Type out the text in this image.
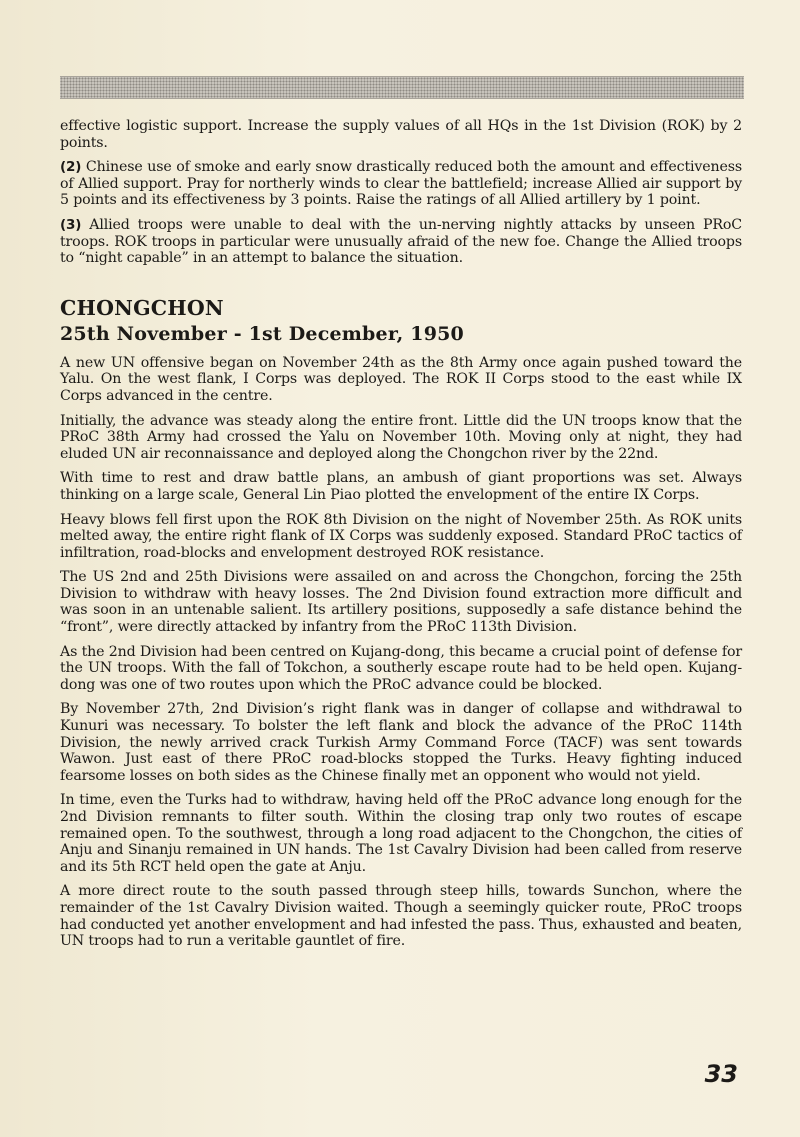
effective logistic support. Increase the supply values of all HQs in the 1st Division (ROK) by 2 points.

(2) Chinese use of smoke and early snow drastically reduced both the amount and effectiveness of Allied support. Pray for northerly winds to clear the battlefield; increase Allied air support by 5 points and its effectiveness by 3 points. Raise the ratings of all Allied artillery by 1 point.

(3) Allied troops were unable to deal with the un-nerving nightly attacks by unseen PRoC troops. ROK troops in particular were unusually afraid of the new foe. Change the Allied troops to “night capable” in an attempt to balance the situation.

CHONGCHON
25th November - 1st December, 1950

A new UN offensive began on November 24th as the 8th Army once again pushed toward the Yalu. On the west flank, I Corps was deployed. The ROK II Corps stood to the east while IX Corps advanced in the centre.

Initially, the advance was steady along the entire front. Little did the UN troops know that the PRoC 38th Army had crossed the Yalu on November 10th. Moving only at night, they had eluded UN air reconnaissance and deployed along the Chongchon river by the 22nd.

With time to rest and draw battle plans, an ambush of giant proportions was set. Always thinking on a large scale, General Lin Piao plotted the envelopment of the entire IX Corps.

Heavy blows fell first upon the ROK 8th Division on the night of November 25th. As ROK units melted away, the entire right flank of IX Corps was suddenly exposed. Standard PRoC tactics of infiltration, road-blocks and envelopment destroyed ROK resistance.

The US 2nd and 25th Divisions were assailed on and across the Chongchon, forcing the 25th Division to withdraw with heavy losses. The 2nd Division found extraction more difficult and was soon in an untenable salient. Its artillery positions, supposedly a safe distance behind the “front”, were directly attacked by infantry from the PRoC 113th Division.

As the 2nd Division had been centred on Kujang-dong, this became a crucial point of defense for the UN troops. With the fall of Tokchon, a southerly escape route had to be held open. Kujang-dong was one of two routes upon which the PRoC advance could be blocked.

By November 27th, 2nd Division’s right flank was in danger of collapse and withdrawal to Kunuri was necessary. To bolster the left flank and block the advance of the PRoC 114th Division, the newly arrived crack Turkish Army Command Force (TACF) was sent towards Wawon. Just east of there PRoC road-blocks stopped the Turks. Heavy fighting induced fearsome losses on both sides as the Chinese finally met an opponent who would not yield.

In time, even the Turks had to withdraw, having held off the PRoC advance long enough for the 2nd Division remnants to filter south. Within the closing trap only two routes of escape remained open. To the southwest, through a long road adjacent to the Chongchon, the cities of Anju and Sinanju remained in UN hands. The 1st Cavalry Division had been called from reserve and its 5th RCT held open the gate at Anju.

A more direct route to the south passed through steep hills, towards Sunchon, where the remainder of the 1st Cavalry Division waited. Though a seemingly quicker route, PRoC troops had conducted yet another envelopment and had infested the pass. Thus, exhausted and beaten, UN troops had to run a veritable gauntlet of fire.

33
